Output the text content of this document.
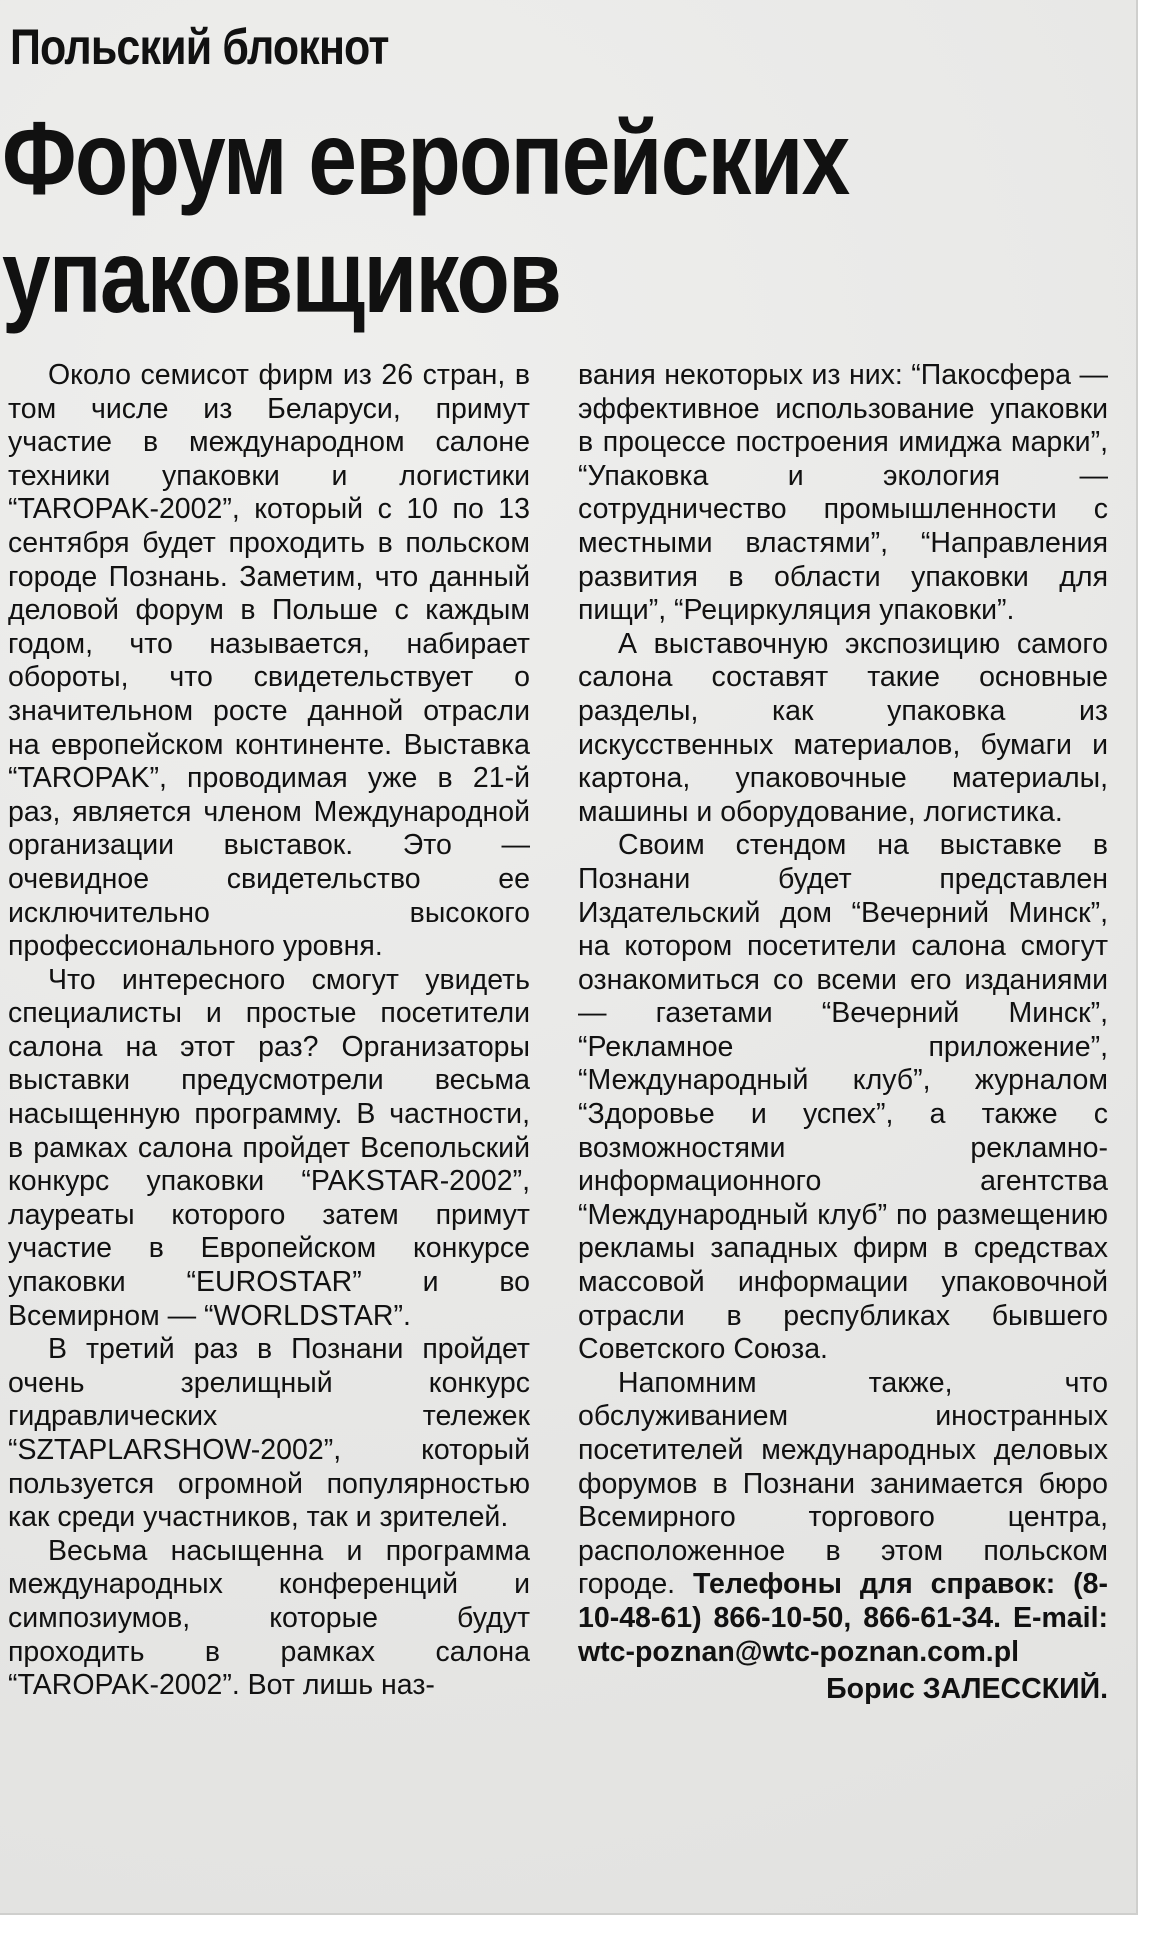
Польский блокнот
Форум европейских
упаковщиков

Около семисот фирм из 26 стран, в том числе из Беларуси, примут участие в международном салоне техники упаковки и логистики “TAROPAK-2002”, который с 10 по 13 сентября будет проходить в польском городе Познань. Заметим, что данный деловой форум в Польше с каждым годом, что называется, набирает обороты, что свидетельствует о значительном росте данной отрасли на европейском континенте. Выставка “TAROPAK”, проводимая уже в 21-й раз, является членом Международной организации выставок. Это — очевидное свидетельство ее исключительно высокого профессионального уровня.

Что интересного смогут увидеть специалисты и простые посетители салона на этот раз? Организаторы выставки предусмотрели весьма насыщенную программу. В частности, в рамках салона пройдет Всепольский конкурс упаковки “PAKSTAR-2002”, лауреаты которого затем примут участие в Европейском конкурсе упаковки “EUROSTAR” и во Всемирном — “WORLDSTAR”.

В третий раз в Познани пройдет очень зрелищный конкурс гидравлических тележек “SZTAPLARSHOW-2002”, который пользуется огромной популярностью как среди участников, так и зрителей.

Весьма насыщенна и программа международных конференций и симпозиумов, которые будут проходить в рамках салона “TAROPAK-2002”. Вот лишь наз-

вания некоторых из них: “Пакосфера — эффективное использование упаковки в процессе построения имиджа марки”, “Упаковка и экология — сотрудничество промышленности с местными властями”, “Направления развития в области упаковки для пищи”, “Рециркуляция упаковки”.

А выставочную экспозицию самого салона составят такие основные разделы, как упаковка из искусственных материалов, бумаги и картона, упаковочные материалы, машины и оборудование, логистика.

Своим стендом на выставке в Познани будет представлен Издательский дом “Вечерний Минск”, на котором посетители салона смогут ознакомиться со всеми его изданиями — газетами “Вечерний Минск”, “Рекламное приложение”, “Международный клуб”, журналом “Здоровье и успех”, а также с возможностями рекламно-информационного агентства “Международный клуб” по размещению рекламы западных фирм в средствах массовой информации упаковочной отрасли в республиках бывшего Советского Союза.

Напомним также, что обслуживанием иностранных посетителей международных деловых форумов в Познани занимается бюро Всемирного торгового центра, расположенное в этом польском городе. Телефоны для справок: (8-10-48-61) 866-10-50, 866-61-34. E-mail: wtc-poznan@wtc-poznan.com.pl

Борис ЗАЛЕССКИЙ.
